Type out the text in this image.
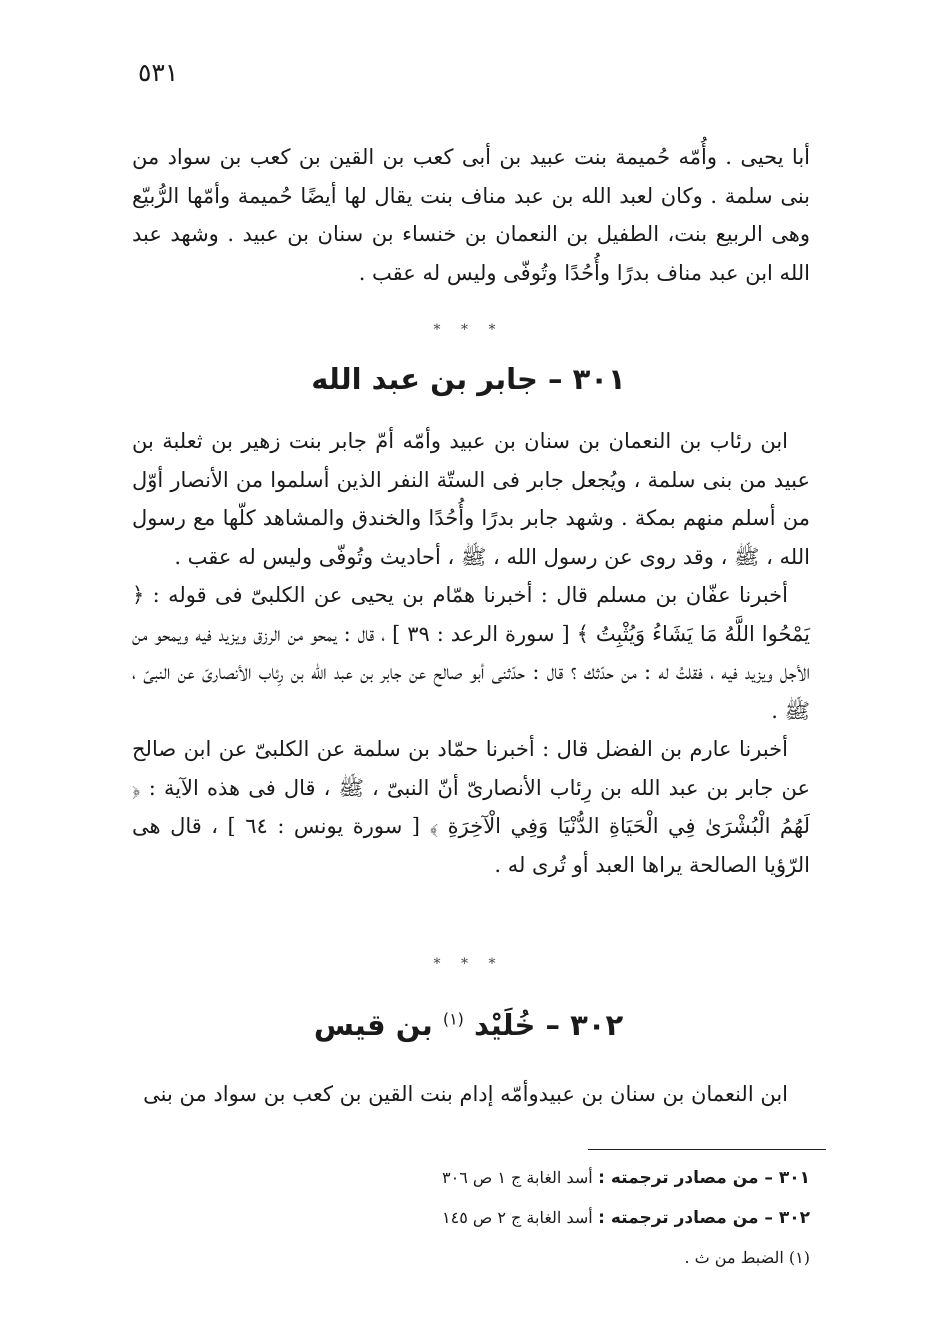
٥٣١

أبا يحيى . وأُمّه حُميمة بنت عبيد بن أبى كعب بن القين بن كعب بن سواد من بنى سلمة . وكان لعبد الله بن عبد مناف بنت يقال لها أيضًا حُميمة وأمّها الرُّبيّع وهى الربيع بنت، الطفيل بن النعمان بن خنساء بن سنان بن عبيد . وشهد عبد الله ابن عبد مناف بدرًا وأُحُدًا وتُوفّى وليس له عقب .

* * *
٣٠١ – جابر بن عبد الله

ابن رئاب بن النعمان بن سنان بن عبيد وأمّه أمّ جابر بنت زهير بن ثعلبة بن عبيد من بنى سلمة ، ويُجعل جابر فى الستّة النفر الذين أسلموا من الأنصار أوّل من أسلم منهم بمكة . وشهد جابر بدرًا وأُحُدًا والخندق والمشاهد كلّها مع رسول الله ، ﷺ ، وقد روى عن رسول الله ، ﷺ ، أحاديث وتُوفّى وليس له عقب .

أخبرنا عفّان بن مسلم قال : أخبرنا همّام بن يحيى عن الكلبىّ فى قوله : ﴿ يَمْحُوا اللَّهُ مَا يَشَاءُ وَيُثْبِتُ ﴾ [ سورة الرعد : ٣٩ ] ، قال : يمحو من الرزق ويزيد فيه ويمحو من الأجل ويزيد فيه ، فقلتُ له : من حدّثك ؟ قال : حدّثنى أبو صالح عن جابر بن عبد الله بن رِئاب الأنصارىّ عن النبىّ ، ﷺ .

أخبرنا عارم بن الفضل قال : أخبرنا حمّاد بن سلمة عن الكلبىّ عن ابن صالح عن جابر بن عبد الله بن رِئاب الأنصارىّ أنّ النبىّ ، ﷺ ، قال فى هذه الآية : ﴿ لَهُمُ الْبُشْرَىٰ فِي الْحَيَاةِ الدُّنْيَا وَفِي الْآخِرَةِ ﴾ [ سورة يونس : ٦٤ ] ، قال هى الرّؤيا الصالحة يراها العبد أو تُرى له .

* * *
٣٠٢ – خُلَيْد $^{(١)}$ بن قيس

ابن النعمان بن سنان بن عبيدوأمّه إدام بنت القين بن كعب بن سواد من بنى

٣٠١ – من مصادر ترجمته : أسد الغابة ج ١ ص ٣٠٦

٣٠٢ – من مصادر ترجمته : أسد الغابة ج ٢ ص ١٤٥

(١) الضبط من ث .
